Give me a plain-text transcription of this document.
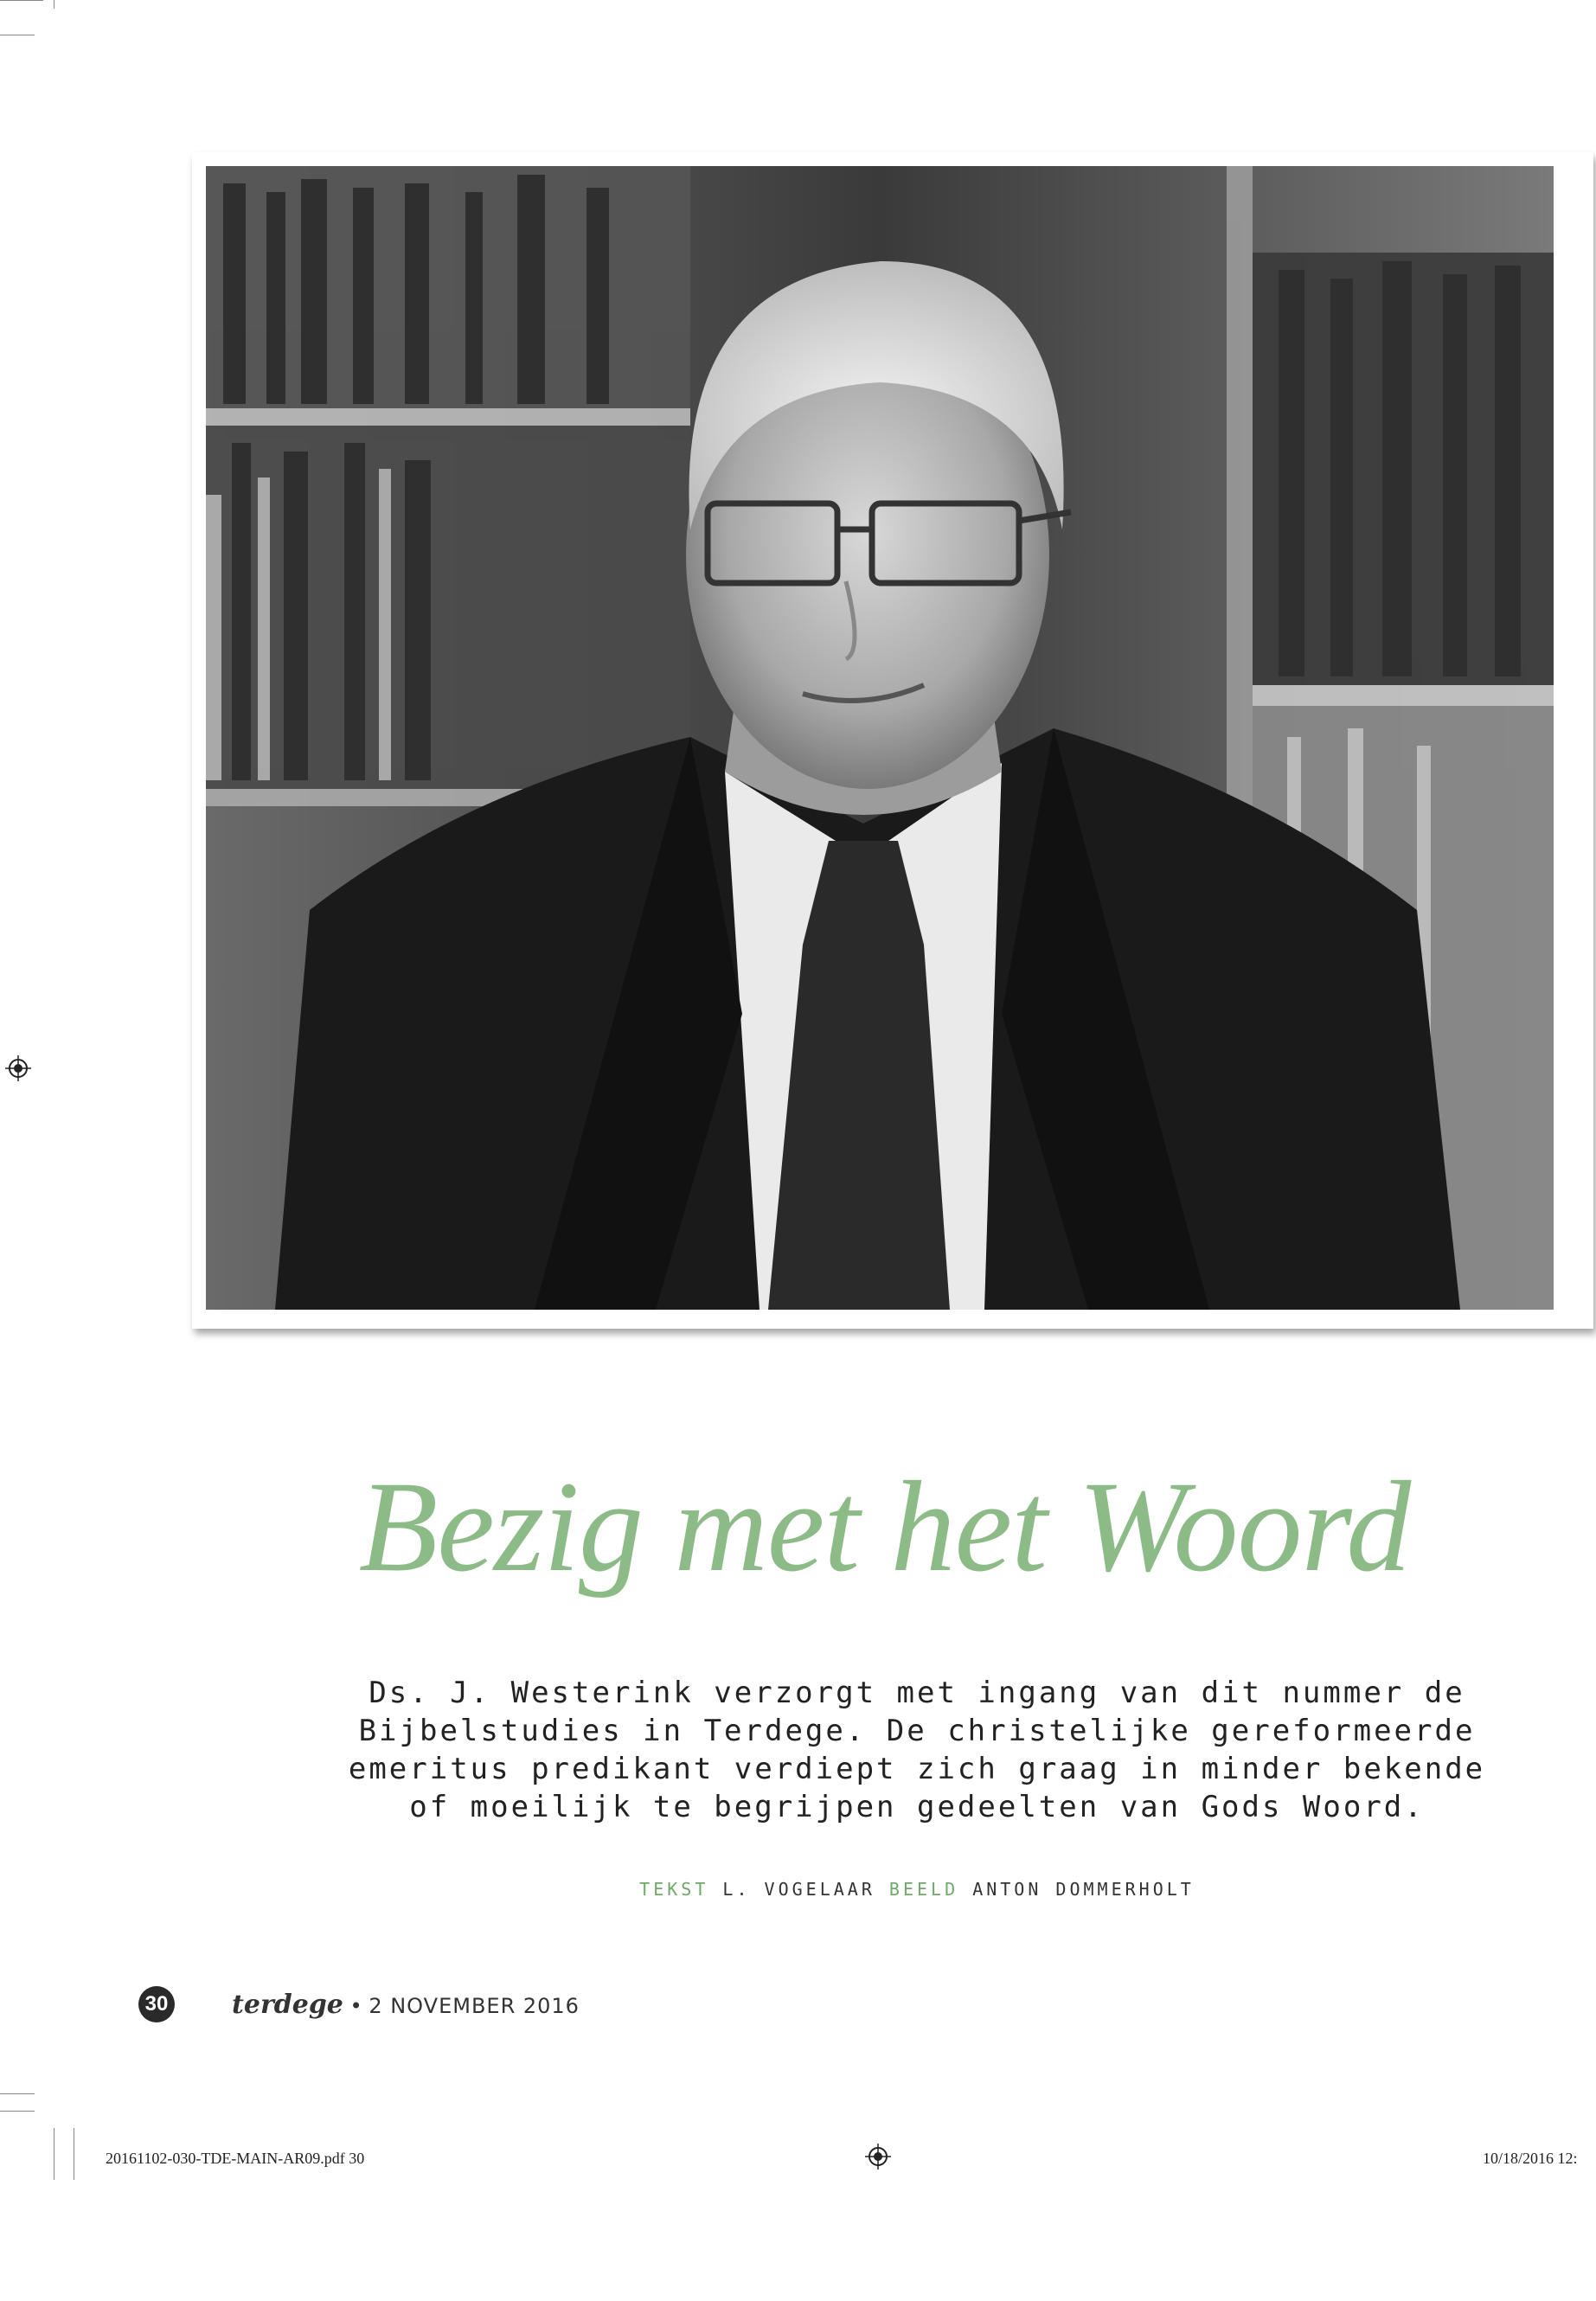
Bezig met het Woord
Ds. J. Westerink verzorgt met ingang van dit nummer de
Bijbelstudies in Terdege. De christelijke gereformeerde
emeritus predikant verdiept zich graag in minder bekende
of moeilijk te begrijpen gedeelten van Gods Woord.
TEKST L. VOGELAAR BEELD ANTON DOMMERHOLT
30 terdege • 2 NOVEMBER 2016
20161102-030-TDE-MAIN-AR09.pdf 30	10/18/2016 12:
